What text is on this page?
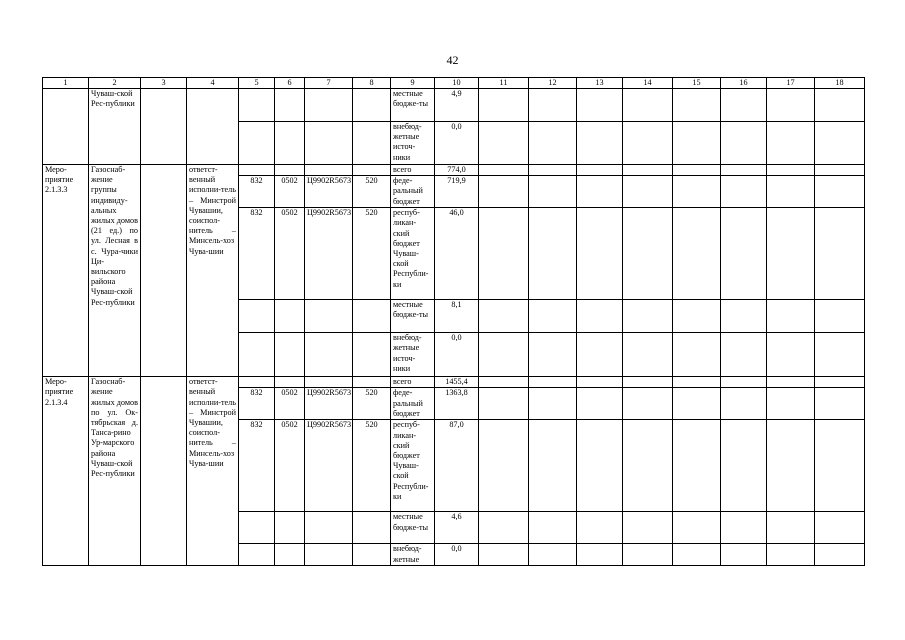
42
1	2	3	4	5	6	7	8	9	10	11	12	13	14	15	16	17	18
	Чуваш-ской Рес-публики							местные бюдже-ты	4,9								
								внебюд-жетные источ-ники	0,0								
Меро-приятие 2.1.3.3	Газоснаб-жение группы индивиду-альных жилых домов (21 ед.) по ул. Лесная в с. Чура-чики Ци-вильского района Чуваш-ской Рес-публики		ответст-венный исполни-тель – Минстрой Чувашии, соиспол-нитель – Минсель-хоз Чува-шии					всего	774,0								
				832	0502	Ц9902R5673	520	феде-ральный бюджет	719,9								
				832	0502	Ц9902R5673	520	респуб-ликан-ский бюджет Чуваш-ской Республи-ки	46,0								
								местные бюдже-ты	8,1								
								внебюд-жетные источ-ники	0,0								
Меро-приятие 2.1.3.4	Газоснаб-жение жилых домов по ул. Ок-тябрьская д. Тансa-рино Ур-марского района Чуваш-ской Рес-публики		ответст-венный исполни-тель – Минстрой Чувашии, соиспол-нитель – Минсель-хоз Чува-шии					всего	1455,4								
				832	0502	Ц9902R5673	520	феде-ральный бюджет	1363,8								
				832	0502	Ц9902R5673	520	респуб-ликан-ский бюджет Чуваш-ской Республи-ки	87,0								
								местные бюдже-ты	4,6								
								внебюд-жетные	0,0								
